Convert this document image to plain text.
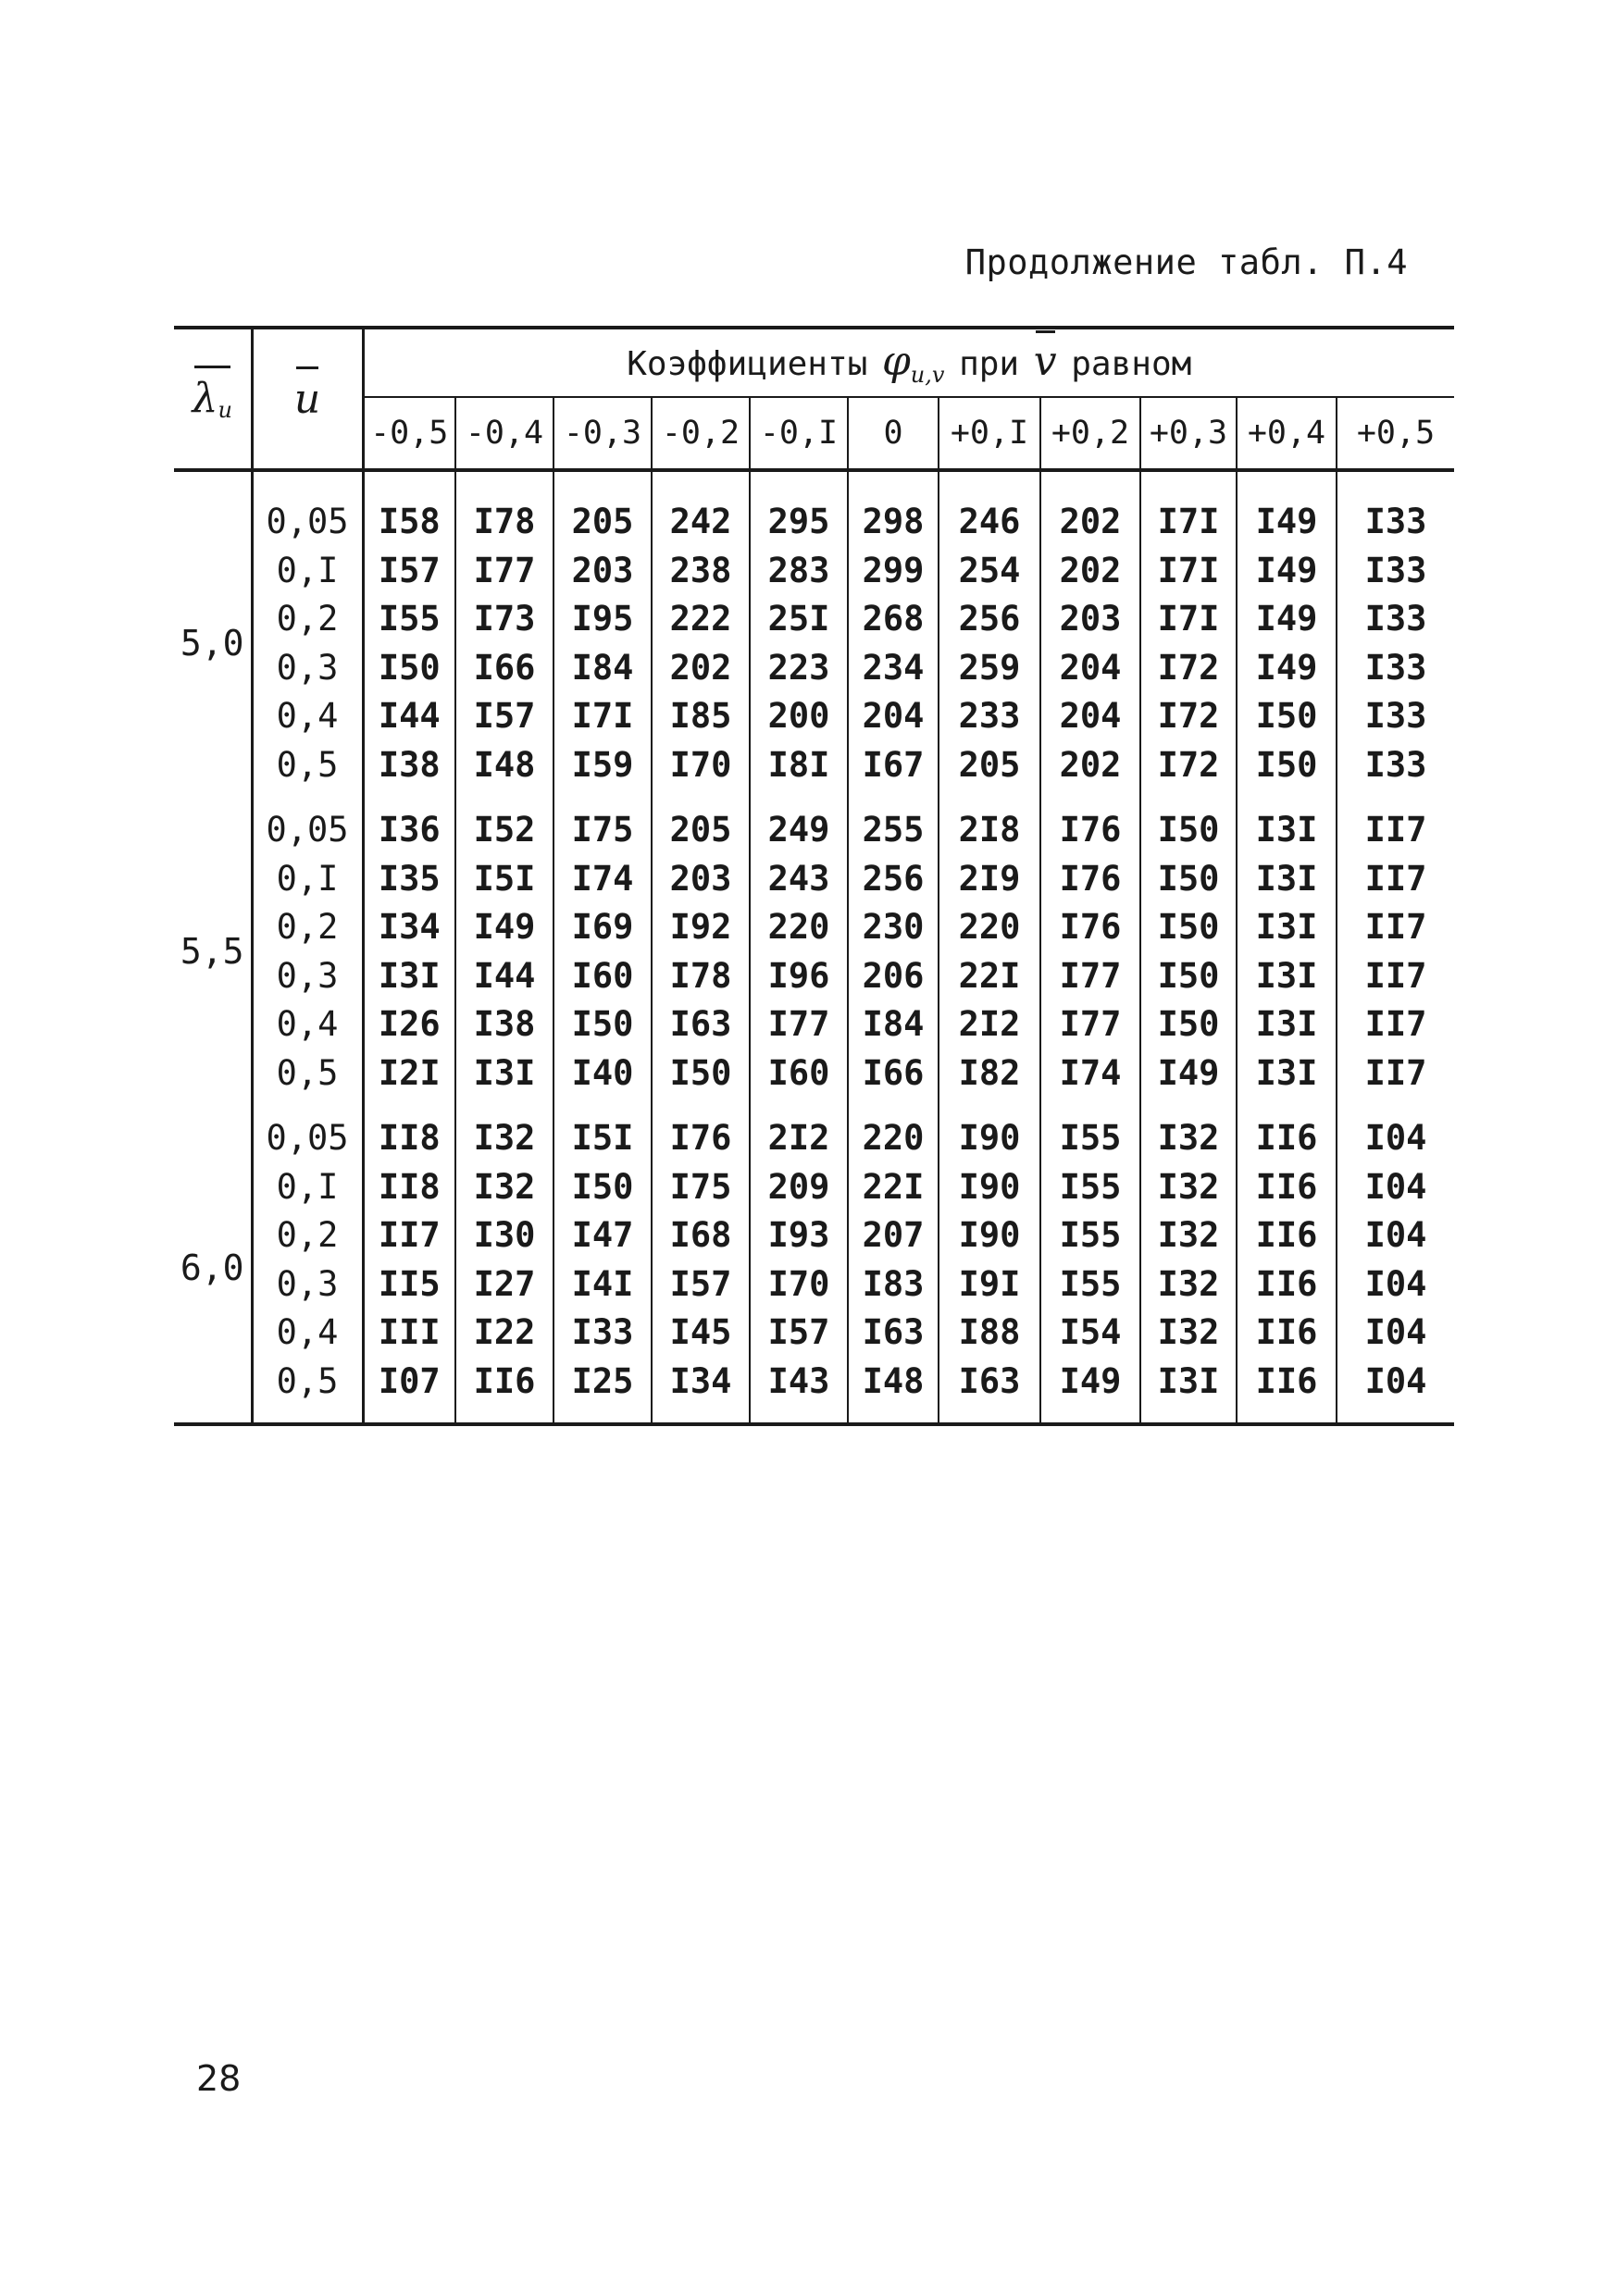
Продолжение табл. П.4
$\lambda_u$	u	Коэффициенты $\varphi_{u,v}$ при v равном										
		-0,5	-0,4	-0,3	-0,2	-0,I	0	+0,I	+0,2	+0,3	+0,4	+0,5
5,0	0,05	I58	I78	205	242	295	298	246	202	I7I	I49	I33
	0,I	I57	I77	203	238	283	299	254	202	I7I	I49	I33
	0,2	I55	I73	I95	222	25I	268	256	203	I7I	I49	I33
	0,3	I50	I66	I84	202	223	234	259	204	I72	I49	I33
	0,4	I44	I57	I7I	I85	200	204	233	204	I72	I50	I33
	0,5	I38	I48	I59	I70	I8I	I67	205	202	I72	I50	I33
5,5	0,05	I36	I52	I75	205	249	255	2I8	I76	I50	I3I	II7
	0,I	I35	I5I	I74	203	243	256	2I9	I76	I50	I3I	II7
	0,2	I34	I49	I69	I92	220	230	220	I76	I50	I3I	II7
	0,3	I3I	I44	I60	I78	I96	206	22I	I77	I50	I3I	II7
	0,4	I26	I38	I50	I63	I77	I84	2I2	I77	I50	I3I	II7
	0,5	I2I	I3I	I40	I50	I60	I66	I82	I74	I49	I3I	II7
6,0	0,05	II8	I32	I5I	I76	2I2	220	I90	I55	I32	II6	I04
	0,I	II8	I32	I50	I75	209	22I	I90	I55	I32	II6	I04
	0,2	II7	I30	I47	I68	I93	207	I90	I55	I32	II6	I04
	0,3	II5	I27	I4I	I57	I70	I83	I9I	I55	I32	II6	I04
	0,4	III	I22	I33	I45	I57	I63	I88	I54	I32	II6	I04
	0,5	I07	II6	I25	I34	I43	I48	I63	I49	I3I	II6	I04
28
